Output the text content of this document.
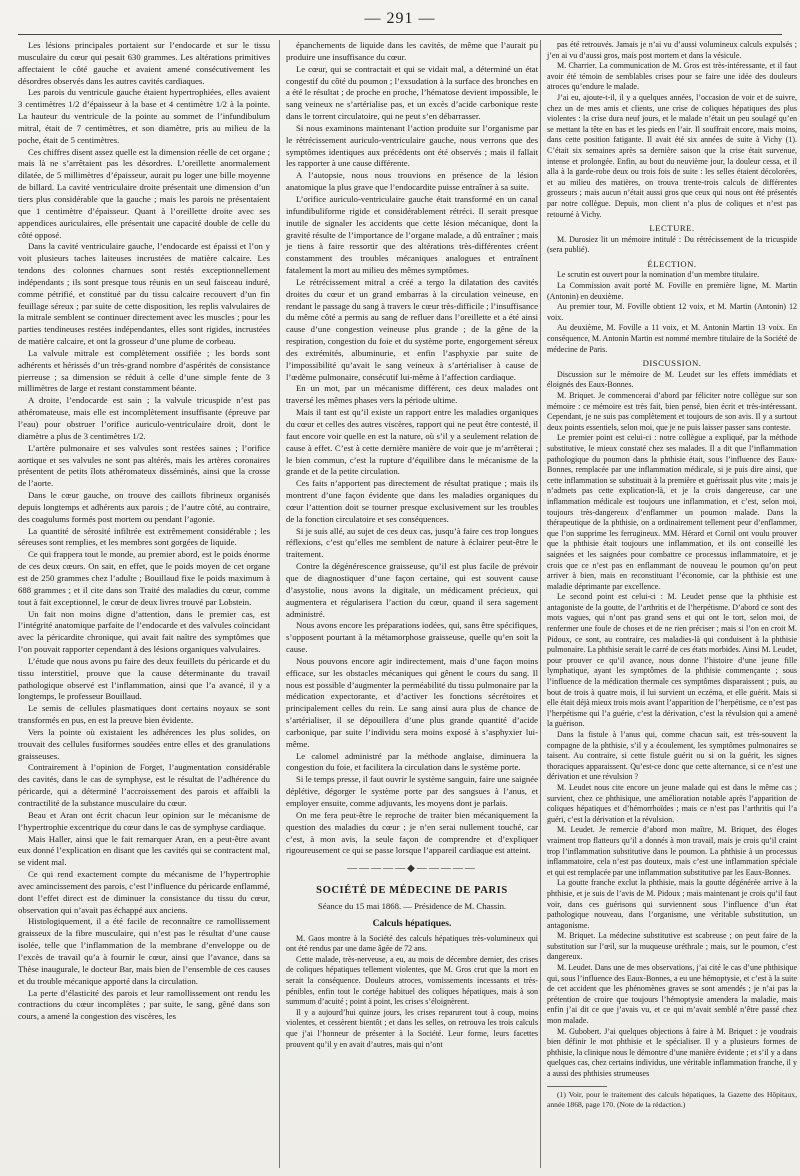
— 291 —

Les lésions principales portaient sur l’endocarde et sur le tissu musculaire du cœur qui pesait 630 grammes. Les altérations primitives affectaient le côté gauche et avaient amené consécutivement les désordres observés dans les autres cavités cardiaques.

Les parois du ventricule gauche étaient hypertrophiées, elles avaient 3 centimètres 1/2 d’épaisseur à la base et 4 centimètre 1/2 à la pointe. La hauteur du ventricule de la pointe au sommet de l’infundibulum mitral, était de 7 centimètres, et son diamètre, pris au milieu de la poche, était de 5 centimètres.

Ces chiffres disent assez quelle est la dimension réelle de cet organe ; mais là ne s’arrêtaient pas les désordres. L’oreillette anormalement dilatée, de 5 millimètres d’épaisseur, aurait pu loger une bille moyenne de billard. La cavité ventriculaire droite présentait une dimension d’un tiers plus considérable que la gauche ; mais les parois ne présentaient que 1 centimètre d’épaisseur. Quant à l’oreillette droite avec ses appendices auriculaires, elle présentait une capacité double de celle du côté opposé.

Dans la cavité ventriculaire gauche, l’endocarde est épaissi et l’on y voit plusieurs taches laiteuses incrustées de matière calcaire. Les tendons des colonnes charnues sont restés exceptionnellement indépendants ; ils sont presque tous réunis en un seul faisceau induré, comme pétrifié, et constitué par du tissu calcaire recouvert d’un fin feuillage séreux ; par suite de cette disposition, les replis valvulaires de la mitrale semblent se continuer directement avec les muscles ; pour les parties tendineuses restées indépendantes, elles sont rigides, incrustées de matière calcaire, et ont la grosseur d’une plume de corbeau.

La valvule mitrale est complètement ossifiée ; les bords sont adhérents et hérissés d’un très-grand nombre d’aspérités de consistance pierreuse ; sa dimension se réduit à celle d’une simple fente de 3 millimètres de large et restant constamment béante.

A droite, l’endocarde est sain ; la valvule tricuspide n’est pas athéromateuse, mais elle est incomplètement insuffisante (épreuve par l’eau) pour obstruer l’orifice auriculo-ventriculaire droit, dont le diamètre a plus de 3 centimètres 1/2.

L’artère pulmonaire et ses valvules sont restées saines ; l’orifice aortique et ses valvules ne sont pas altérés, mais les artères coronaires présentent de petits îlots athéromateux disséminés, ainsi que la crosse de l’aorte.

Dans le cœur gauche, on trouve des caillots fibrineux organisés depuis longtemps et adhérents aux parois ; de l’autre côté, au contraire, des coagulums formés post mortem ou pendant l’agonie.

La quantité de sérosité infiltrée est extrêmement considérable ; les séreuses sont remplies, et les membres sont gorgées de liquide.

Ce qui frappera tout le monde, au premier abord, est le poids énorme de ces deux cœurs. On sait, en effet, que le poids moyen de cet organe est de 250 grammes chez l’adulte ; Bouillaud fixe le poids maximum à 688 grammes ; et il cite dans son Traité des maladies du cœur, comme tout à fait exceptionnel, le cœur de deux livres trouvé par Lobstein.

Un fait non moins digne d’attention, dans le premier cas, est l’intégrité anatomique parfaite de l’endocarde et des valvules coïncidant avec la péricardite chronique, qui avait fait naître des symptômes que l’on pouvait rapporter cependant à des lésions organiques valvulaires.

L’étude que nous avons pu faire des deux feuillets du péricarde et du tissu interstitiel, prouve que la cause déterminante du travail pathologique observé est l’inflammation, ainsi que l’a avancé, il y a longtemps, le professeur Bouillaud.

Le semis de cellules plasmatiques dont certains noyaux se sont transformés en pus, en est la preuve bien évidente.

Vers la pointe où existaient les adhérences les plus solides, on trouvait des cellules fusiformes soudées entre elles et des granulations graisseuses.

Contrairement à l’opinion de Forget, l’augmentation considérable des cavités, dans le cas de symphyse, est le résultat de l’adhérence du péricarde, qui a déterminé l’accroissement des parois et affaibli la contractilité de la substance musculaire du cœur.

Beau et Aran ont écrit chacun leur opinion sur le mécanisme de l’hypertrophie excentrique du cœur dans le cas de symphyse cardiaque.

Mais Haller, ainsi que le fait remarquer Aran, en a peut-être avant eux donné l’explication en disant que les cavités qui se contractent mal, se vident mal.

Ce qui rend exactement compte du mécanisme de l’hypertrophie avec amincissement des parois, c’est l’influence du péricarde enflammé, dont l’effet direct est de diminuer la consistance du tissu du cœur, observation qui n’avait pas échappé aux anciens.

Histologiquement, il a été facile de reconnaître ce ramollissement graisseux de la fibre musculaire, qui n’est pas le résultat d’une cause isolée, telle que l’inflammation de la membrane d’enveloppe ou de l’excès de travail qu’a à fournir le cœur, ainsi que l’avance, dans sa Thèse inaugurale, le docteur Bar, mais bien de l’ensemble de ces causes et du trouble mécanique apporté dans la circulation.

La perte d’élasticité des parois et leur ramollissement ont rendu les contractions du cœur incomplètes ; par suite, le sang, gêné dans son cours, a amené la congestion des viscères, les

épanchements de liquide dans les cavités, de même que l’aurait pu produire une insuffisance du cœur.

Le cœur, qui se contractait et qui se vidait mal, a déterminé un état congestif du côté du poumon ; l’exsudation à la surface des bronches en a été le résultat ; de proche en proche, l’hématose devient impossible, le sang veineux ne s’artérialise pas, et un excès d’acide carbonique reste dans le torrent circulatoire, qui ne peut s’en débarrasser.

Si nous examinons maintenant l’action produite sur l’organisme par le rétrécissement auriculo-ventriculaire gauche, nous verrons que des symptômes identiques aux précédents ont été observés ; mais il fallait les rapporter à une cause différente.

A l’autopsie, nous nous trouvions en présence de la lésion anatomique la plus grave que l’endocardite puisse entraîner à sa suite.

L’orifice auriculo-ventriculaire gauche était transformé en un canal infundibuliforme rigide et considérablement rétréci. Il serait presque inutile de signaler les accidents que cette lésion mécanique, dont la gravité résulte de l’importance de l’organe malade, a dû entraîner ; mais je tiens à faire ressortir que des altérations très-différentes créent constamment des troubles mécaniques analogues et entraînent fatalement la mort au milieu des mêmes symptômes.

Le rétrécissement mitral a créé a tergo la dilatation des cavités droites du cœur et un grand embarras à la circulation veineuse, en rendant le passage du sang à travers le cœur très-difficile ; l’insuffisance du même côté a permis au sang de refluer dans l’oreillette et a été ainsi cause d’une congestion veineuse plus grande ; de la gêne de la respiration, congestion du foie et du système porte, engorgement séreux des extrémités, albuminurie, et enfin l’asphyxie par suite de l’impossibilité qu’avait le sang veineux à s’artérialiser à cause de l’œdème pulmonaire, consécutif lui-même à l’affection cardiaque.

En un mot, par un mécanisme différent, ces deux malades ont traversé les mêmes phases vers la période ultime.

Mais il tant est qu’il existe un rapport entre les maladies organiques du cœur et celles des autres viscères, rapport qui ne peut être contesté, il faut encore voir quelle en est la nature, où s’il y a seulement relation de cause à effet. C’est à cette dernière manière de voir que je m’arrêterai ; le bien commun, c’est la rupture d’équilibre dans le mécanisme de la grande et de la petite circulation.

Ces faits n’apportent pas directement de résultat pratique ; mais ils montrent d’une façon évidente que dans les maladies organiques du cœur l’attention doit se tourner presque exclusivement sur les troubles de la fonction circulatoire et ses conséquences.

Si je suis allé, au sujet de ces deux cas, jusqu’à faire ces trop longues réflexions, c’est qu’elles me semblent de nature à éclairer peut-être le traitement.

Contre la dégénérescence graisseuse, qu’il est plus facile de prévoir que de diagnostiquer d’une façon certaine, qui est souvent cause d’asystolie, nous avons la digitale, un médicament précieux, qui augmentera et régularisera l’action du cœur, quand il sera sagement administré.

Nous avons encore les préparations iodées, qui, sans être spécifiques, s’opposent pourtant à la métamorphose graisseuse, quelle qu’en soit la cause.

Nous pouvons encore agir indirectement, mais d’une façon moins efficace, sur les obstacles mécaniques qui gênent le cours du sang. Il nous est possible d’augmenter la perméabilité du tissu pulmonaire par la médication expectorante, et d’activer les fonctions sécrétoires et principalement celles du rein. Le sang ainsi aura plus de chance de s’artérialiser, il se dépouillera d’une plus grande quantité d’acide carbonique, par suite l’individu sera moins exposé à s’asphyxier lui-même.

Le calomel administré par la méthode anglaise, diminuera la congestion du foie, et facilitera la circulation dans le système porte.

Si le temps presse, il faut ouvrir le système sanguin, faire une saignée déplétive, dégorger le système porte par des sangsues à l’anus, et employer ensuite, comme adjuvants, les moyens dont je parlais.

On me fera peut-être le reproche de traiter bien mécaniquement la question des maladies du cœur ; je n’en serai nullement touché, car c’est, à mon avis, la seule façon de comprendre et d’expliquer rigoureusement ce qui se passe lorsque l’appareil cardiaque est atteint.

—————◆—————
SOCIÉTÉ DE MÉDECINE DE PARIS
Séance du 15 mai 1868. — Présidence de M. Chassin.
Calculs hépatiques.

M. Gaos montre à la Société des calculs hépatiques très-volumineux qui ont été rendus par une dame âgée de 72 ans.

Cette malade, très-nerveuse, a eu, au mois de décembre dernier, des crises de coliques hépatiques tellement violentes, que M. Gros crut que la mort en serait la conséquence. Douleurs atroces, vomissements incessants et très-pénibles, enfin tout le cortége habituel des coliques hépatiques, mais à son summum d’acuité ; point à point, les crises s’éloignèrent.

Il y a aujourd’hui quinze jours, les crises reparurent tout à coup, moins violentes, et cessèrent bientôt ; et dans les selles, on retrouva les trois calculs que j’ai l’honneur de présenter à la Société. Leur forme, leurs facettes prouvent qu’il y en avait d’autres, mais qui n’ont

pas été retrouvés. Jamais je n’ai vu d’aussi volumineux calculs expulsés ; j’en ai vu d’aussi gros, mais post mortem et dans la vésicule.

M. Charrier. La communication de M. Gros est très-intéressante, et il faut avoir été témoin de semblables crises pour se faire une idée des douleurs atroces qu’endure le malade.

J’ai eu, ajoute-t-il, il y a quelques années, l’occasion de voir et de suivre, chez un de mes amis et clients, une crise de coliques hépatiques des plus violentes : la crise dura neuf jours, et le malade n’était un peu soulagé qu’en se mettant la tête en bas et les pieds en l’air. Il souffrait encore, mais moins, dans cette position fatigante. Il avait été six années de suite à Vichy (1). C’était six semaines après sa dernière saison que la crise était survenue, intense et prolongée. Enfin, au bout du neuvième jour, la douleur cessa, et il alla à la garde-robe deux ou trois fois de suite : les selles étaient décolorées, et au milieu des matières, on trouva trente-trois calculs de différentes grosseurs ; mais aucun n’était aussi gros que ceux qui nous ont été présentés par notre collègue. Depuis, mon client n’a plus de coliques et n’est pas retourné à Vichy.

LECTURE.

M. Durosiez lit un mémoire intitulé : Du rétrécissement de la tricuspide (sera publié).

ÉLECTION.

Le scrutin est ouvert pour la nomination d’un membre titulaire.

La Commission avait porté M. Foville en première ligne, M. Martin (Antonin) en deuxième.

Au premier tour, M. Foville obtient 12 voix, et M. Martin (Antonin) 12 voix.

Au deuxième, M. Foville a 11 voix, et M. Antonin Martin 13 voix. En conséquence, M. Antonin Martin est nommé membre titulaire de la Société de médecine de Paris.

DISCUSSION.

Discussion sur le mémoire de M. Leudet sur les effets immédiats et éloignés des Eaux-Bonnes.

M. Briquet. Je commencerai d’abord par féliciter notre collègue sur son mémoire : ce mémoire est très fait, bien pensé, bien écrit et très-intéressant. Cependant, je ne suis pas complètement et toujours de son avis. Il y a surtout deux points essentiels, selon moi, que je ne puis laisser passer sans conteste.

Le premier point est celui-ci : notre collègue a expliqué, par la méthode substitutive, le mieux constaté chez ses malades. Il a dit que l’inflammation pathologique du poumon dans la phthisie était, sous l’influence des Eaux-Bonnes, remplacée par une inflammation médicale, si je puis dire ainsi, que cette inflammation se substituait à la première et guérissait plus vite ; mais je n’admets pas cette explication-là, et je la crois dangereuse, car une inflammation médicale est toujours une inflammation, et c’est, selon moi, toujours très-dangereux d’enflammer un poumon malade. Dans la thérapeutique de la phthisie, on a ordinairement tellement peur d’enflammer, que l’on supprime les ferrugineux. MM. Hérard et Cornil ont voulu prouver que la phthisie était toujours une inflammation, et ils ont conseillé les saignées et les saignées pour combattre ce processus inflammatoire, et je crois que ce n’est pas en enflammant de nouveau le poumon qu’on peut arriver à bien, mais en reconstituant l’économie, car la phthisie est une maladie déprimante par excellence.

Le second point est celui-ci : M. Leudet pense que la phthisie est antagoniste de la goutte, de l’arthritis et de l’herpétisme. D’abord ce sont des mots vagues, qui n’ont pas grand sens et qui ont le tort, selon moi, de renfermer une foule de choses et de ne rien préciser ; mais si l’on en croit M. Pidoux, ce sont, au contraire, ces maladies-là qui conduisent à la phthisie pulmonaire. La phthisie serait le carré de ces états morbides. Ainsi M. Leudet, pour prouver ce qu’il avance, nous donne l’histoire d’une jeune fille lymphatique, ayant les symptômes de la phthisie commençante ; sous l’influence de la médication thermale ces symptômes disparaissent ; puis, au bout de trois à quatre mois, il lui survient un eczéma, et elle guérit. Mais si elle était déjà mieux trois mois avant l’apparition de l’herpétisme, ce n’est pas l’herpétisme qui l’a guérie, c’est la dérivation, c’est la révulsion qui a amené la guérison.

Dans la fistule à l’anus qui, comme chacun sait, est très-souvent la compagne de la phthisie, s’il y a écoulement, les symptômes pulmonaires se taisent. Au contraire, si cette fistule guérit ou si on la guérit, les signes thoraciques apparaissent. Qu’est-ce donc que cette alternance, si ce n’est une dérivation et une révulsion ?

M. Leudet nous cite encore un jeune malade qui est dans le même cas ; survient, chez ce phthisique, une amélioration notable après l’apparition de coliques hépatiques et d’hémorrhoïdes ; mais ce n’est pas l’arthritis qui l’a guéri, c’est la dérivation et la révulsion.

M. Leudet. Je remercie d’abord mon maître, M. Briquet, des éloges vraiment trop flatteurs qu’il a donnés à mon travail, mais je crois qu’il craint trop l’inflammation substitutive dans le poumon. La phthisie à un processus inflammatoire, cela n’est pas douteux, mais c’est une inflammation spéciale et qui est remplacée par une inflammation substitutive par les Eaux-Bonnes.

La goutte franche exclut la phthisie, mais la goutte dégénérée arrive à la phthisie, et je suis de l’avis de M. Pidoux ; mais maintenant je crois qu’il faut voir, dans ces guérisons qui surviennent sous l’influence d’un état pathologique nouveau, dans l’organisme, une véritable substitution, un antagonisme.

M. Briquet. La médecine substitutive est scabreuse ; on peut faire de la substitution sur l’œil, sur la muqueuse uréthrale ; mais, sur le poumon, c’est dangereux.

M. Leudet. Dans une de mes observations, j’ai cité le cas d’une phthisique qui, sous l’influence des Eaux-Bonnes, a eu une hémoptysie, et c’est à la suite de cet accident que les phénomènes graves se sont amendés ; je n’ai pas la prétention de croire que toujours l’hémoptysie amendera la maladie, mais enfin j’ai dit ce que j’avais vu, et ce qui m’avait semblé n’être passé chez mon malade.

M. Gubobert. J’ai quelques objections à faire à M. Briquet : je voudrais bien définir le mot phthisie et le spécialiser. Il y a plusieurs formes de phthisie, la clinique nous le démontre d’une manière évidente ; et s’il y a dans quelques cas, chez certains individus, une véritable inflammation franche, il y a aussi des phthisies strumeuses

(1) Voir, pour le traitement des calculs hépatiques, la Gazette des Hôpitaux, année 1868, page 170. (Note de la rédaction.)
